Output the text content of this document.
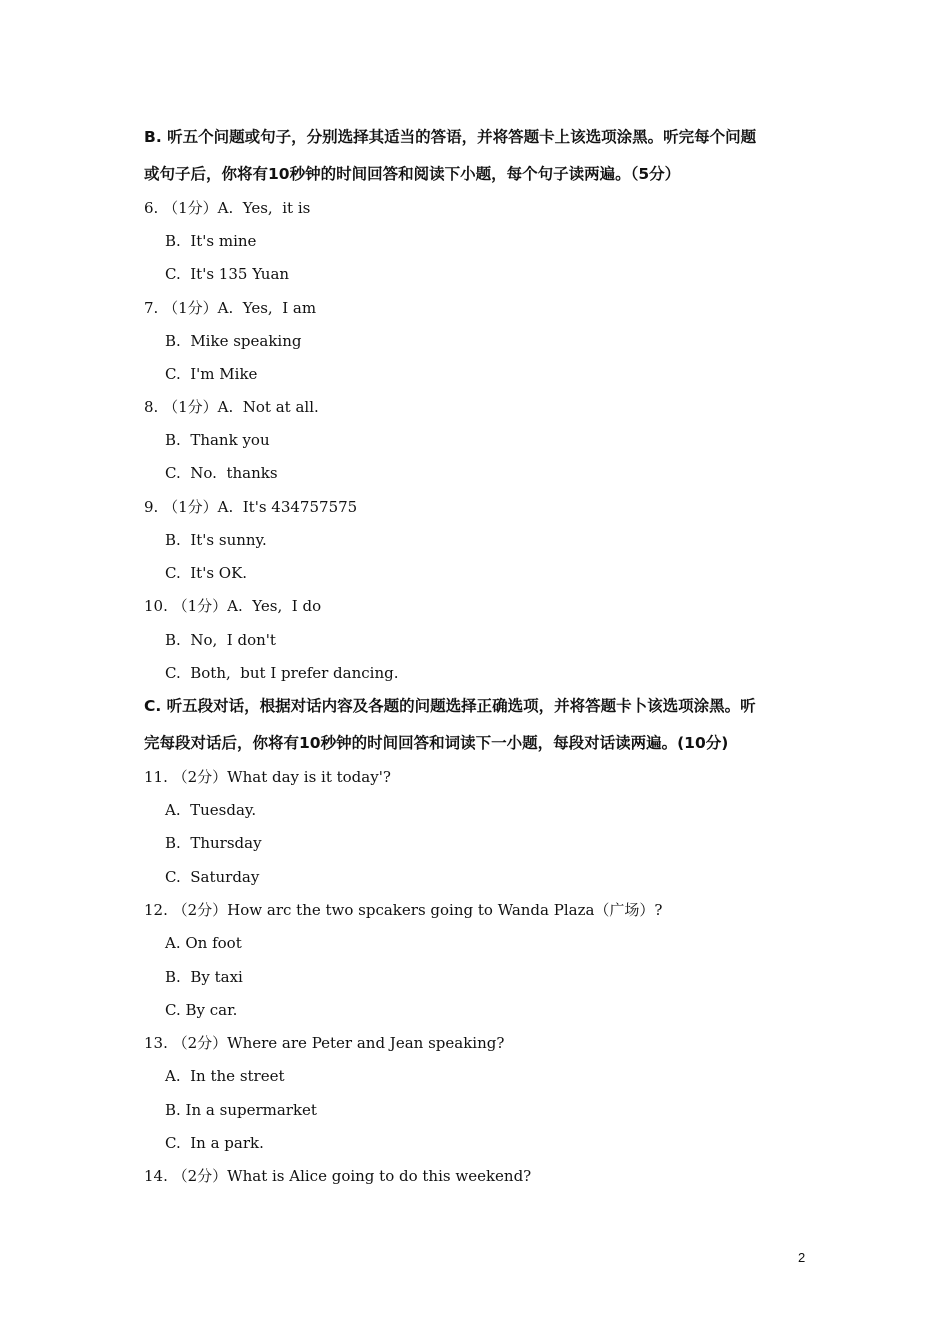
B. 听五个问题或句子，分别选择其适当的答语，并将答题卡上该选项涂黑。听完每个问题
或句子后，你将有10秒钟的时间回答和阅读下小题，每个句子读两遍。（5分）
6. （1分）A.  Yes,  it is
B.  It's mine
C.  It's 135 Yuan
7. （1分）A.  Yes,  I am
B.  Mike speaking
C.  I'm Mike
8. （1分）A.  Not at all.
B.  Thank you
C.  No.  thanks
9. （1分）A.  It's 434757575
B.  It's sunny.
C.  It's OK.
10. （1分）A.  Yes,  I do
B.  No,  I don't
C.  Both,  but I prefer dancing.
C. 听五段对话，根据对话内容及各题的问题选择正确选项，并将答题卡卜该选项涂黑。听
完每段对话后，你将有10秒钟的时间回答和词读下一小题，每段对话读两遍。(10分)
11. （2分）What day is it today'?
A.  Tuesday.
B.  Thursday
C.  Saturday
12. （2分）How arc the two spcakers going to Wanda Plaza（广场）?
A. On foot
B.  By taxi
C. By car.
13. （2分）Where are Peter and Jean speaking?
A.  In the street
B. In a supermarket
C.  In a park.
14. （2分）What is Alice going to do this weekend?
2
